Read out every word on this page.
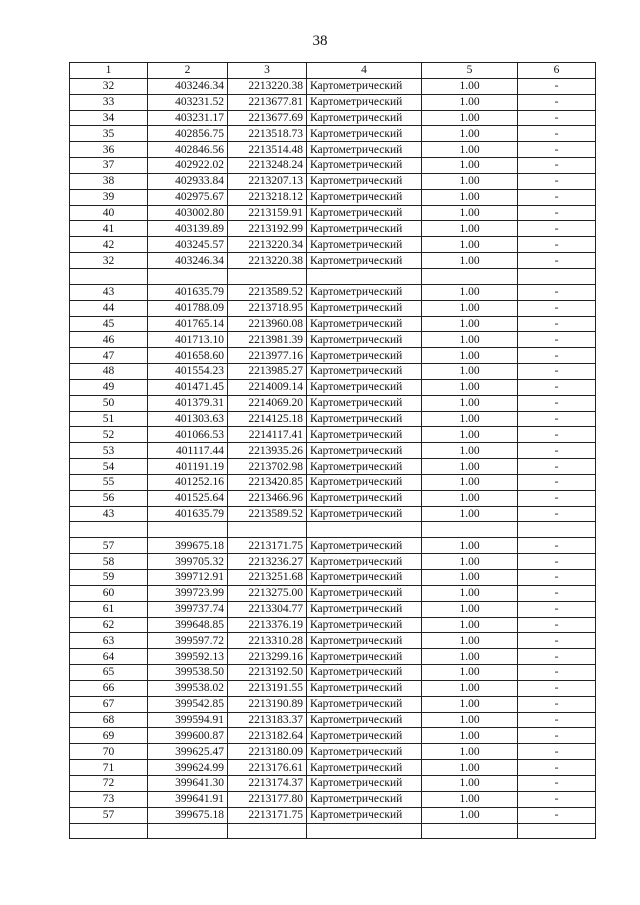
38
1	2	3	4	5	6
32	403246.34	2213220.38	Картометрический	1.00	-
33	403231.52	2213677.81	Картометрический	1.00	-
34	403231.17	2213677.69	Картометрический	1.00	-
35	402856.75	2213518.73	Картометрический	1.00	-
36	402846.56	2213514.48	Картометрический	1.00	-
37	402922.02	2213248.24	Картометрический	1.00	-
38	402933.84	2213207.13	Картометрический	1.00	-
39	402975.67	2213218.12	Картометрический	1.00	-
40	403002.80	2213159.91	Картометрический	1.00	-
41	403139.89	2213192.99	Картометрический	1.00	-
42	403245.57	2213220.34	Картометрический	1.00	-
32	403246.34	2213220.38	Картометрический	1.00	-

43	401635.79	2213589.52	Картометрический	1.00	-
44	401788.09	2213718.95	Картометрический	1.00	-
45	401765.14	2213960.08	Картометрический	1.00	-
46	401713.10	2213981.39	Картометрический	1.00	-
47	401658.60	2213977.16	Картометрический	1.00	-
48	401554.23	2213985.27	Картометрический	1.00	-
49	401471.45	2214009.14	Картометрический	1.00	-
50	401379.31	2214069.20	Картометрический	1.00	-
51	401303.63	2214125.18	Картометрический	1.00	-
52	401066.53	2214117.41	Картометрический	1.00	-
53	401117.44	2213935.26	Картометрический	1.00	-
54	401191.19	2213702.98	Картометрический	1.00	-
55	401252.16	2213420.85	Картометрический	1.00	-
56	401525.64	2213466.96	Картометрический	1.00	-
43	401635.79	2213589.52	Картометрический	1.00	-

57	399675.18	2213171.75	Картометрический	1.00	-
58	399705.32	2213236.27	Картометрический	1.00	-
59	399712.91	2213251.68	Картометрический	1.00	-
60	399723.99	2213275.00	Картометрический	1.00	-
61	399737.74	2213304.77	Картометрический	1.00	-
62	399648.85	2213376.19	Картометрический	1.00	-
63	399597.72	2213310.28	Картометрический	1.00	-
64	399592.13	2213299.16	Картометрический	1.00	-
65	399538.50	2213192.50	Картометрический	1.00	-
66	399538.02	2213191.55	Картометрический	1.00	-
67	399542.85	2213190.89	Картометрический	1.00	-
68	399594.91	2213183.37	Картометрический	1.00	-
69	399600.87	2213182.64	Картометрический	1.00	-
70	399625.47	2213180.09	Картометрический	1.00	-
71	399624.99	2213176.61	Картометрический	1.00	-
72	399641.30	2213174.37	Картометрический	1.00	-
73	399641.91	2213177.80	Картометрический	1.00	-
57	399675.18	2213171.75	Картометрический	1.00	-
